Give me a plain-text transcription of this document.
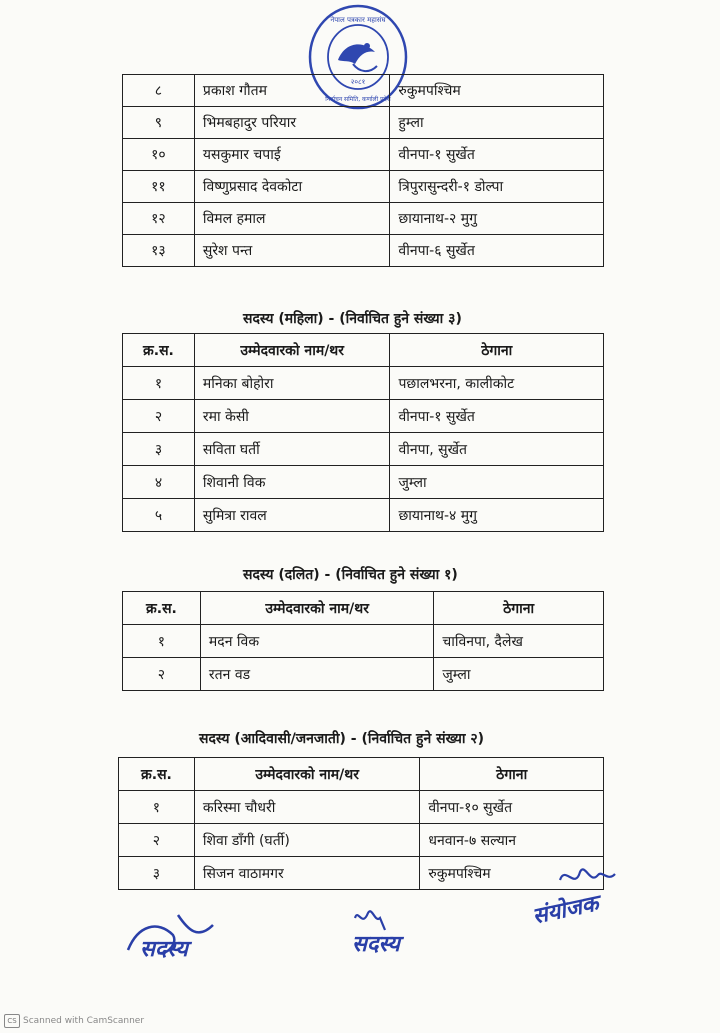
नेपाल पत्रकार महासंघ
निर्वाचन समिति, कर्णाली प्रदेश
२०८१
८	प्रकाश गौतम	रुकुमपश्चिम
९	भिमबहादुर परियार	हुम्ला
१०	यसकुमार चपाई	वीनपा-१ सुर्खेत
११	विष्णुप्रसाद देवकोटा	त्रिपुरासुन्दरी-१ डोल्पा
१२	विमल हमाल	छायानाथ-२ मुगु
१३	सुरेश पन्त	वीनपा-६ सुर्खेत
सदस्य (महिला) - (निर्वाचित हुने संख्या ३)
क्र.स.	उम्मेदवारको नाम/थर	ठेगाना
१	मनिका बोहोरा	पछालभरना, कालीकोट
२	रमा केसी	वीनपा-१ सुर्खेत
३	सविता घर्ती	वीनपा, सुर्खेत
४	शिवानी विक	जुम्ला
५	सुमित्रा रावल	छायानाथ-४ मुगु
सदस्य (दलित) - (निर्वाचित हुने संख्या १)
क्र.स.	उम्मेदवारको नाम/थर	ठेगाना
१	मदन विक	चाविनपा, दैलेख
२	रतन वड	जुम्ला
सदस्य (आदिवासी/जनजाती) - (निर्वाचित हुने संख्या २)
क्र.स.	उम्मेदवारको नाम/थर	ठेगाना
१	करिस्मा चौधरी	वीनपा-१० सुर्खेत
२	शिवा डाँगी (घर्ती)	धनवान-७ सल्यान
३	सिजन वाठामगर	रुकुमपश्चिम
सदस्य	सदस्य
संयोजक
CS Scanned with CamScanner
